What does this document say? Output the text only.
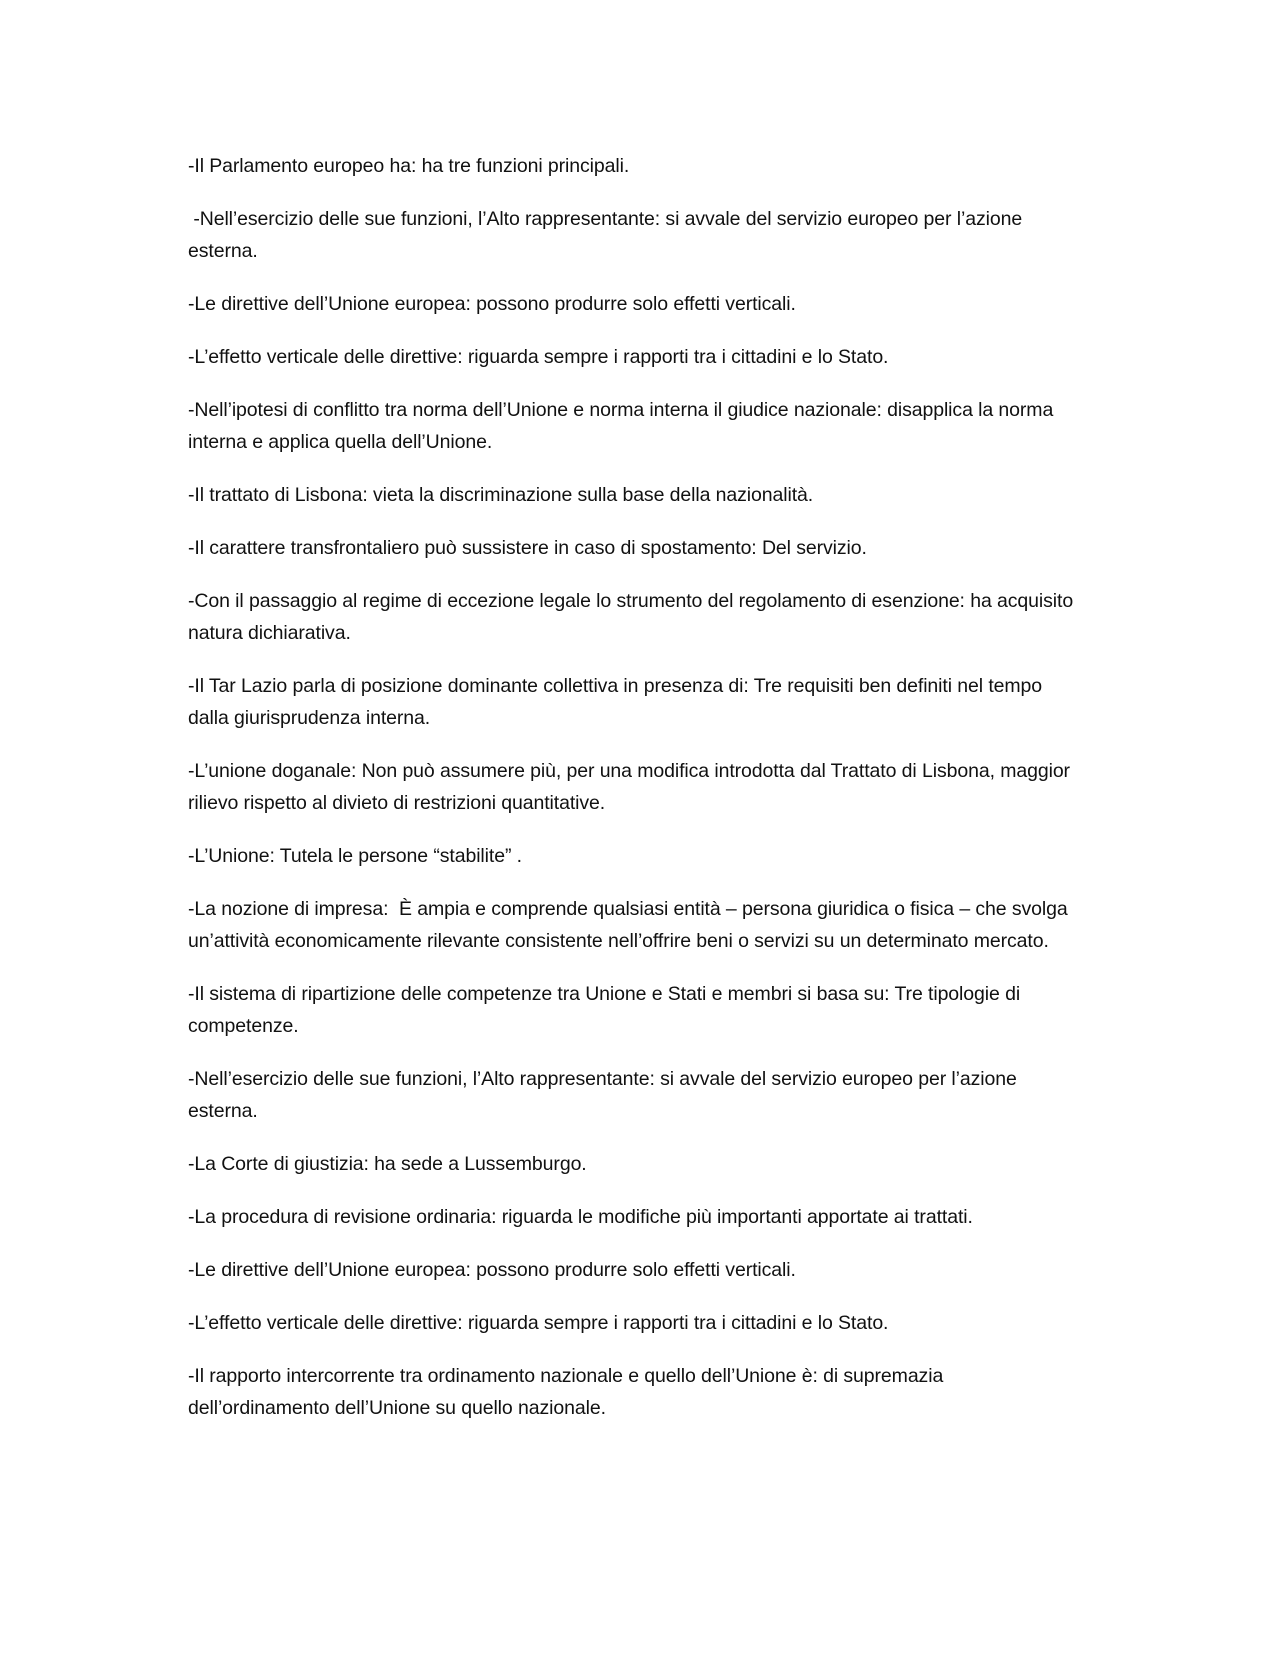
-Il Parlamento europeo ha: ha tre funzioni principali.

-Nell’esercizio delle sue funzioni, l’Alto rappresentante: si avvale del servizio europeo per l’azione esterna.

-Le direttive dell’Unione europea: possono produrre solo effetti verticali.

-L’effetto verticale delle direttive: riguarda sempre i rapporti tra i cittadini e lo Stato.

-Nell’ipotesi di conflitto tra norma dell’Unione e norma interna il giudice nazionale: disapplica la norma interna e applica quella dell’Unione.

-Il trattato di Lisbona: vieta la discriminazione sulla base della nazionalità.

-Il carattere transfrontaliero può sussistere in caso di spostamento: Del servizio.

-Con il passaggio al regime di eccezione legale lo strumento del regolamento di esenzione: ha acquisito natura dichiarativa.

-Il Tar Lazio parla di posizione dominante collettiva in presenza di: Tre requisiti ben definiti nel tempo dalla giurisprudenza interna.

-L’unione doganale: Non può assumere più, per una modifica introdotta dal Trattato di Lisbona, maggior rilievo rispetto al divieto di restrizioni quantitative.

-L’Unione: Tutela le persone “stabilite” .

-La nozione di impresa:  È ampia e comprende qualsiasi entità – persona giuridica o fisica – che svolga un’attività economicamente rilevante consistente nell’offrire beni o servizi su un determinato mercato.

-Il sistema di ripartizione delle competenze tra Unione e Stati e membri si basa su: Tre tipologie di competenze.

-Nell’esercizio delle sue funzioni, l’Alto rappresentante: si avvale del servizio europeo per l’azione esterna.

-La Corte di giustizia: ha sede a Lussemburgo.

-La procedura di revisione ordinaria: riguarda le modifiche più importanti apportate ai trattati.

-Le direttive dell’Unione europea: possono produrre solo effetti verticali.

-L’effetto verticale delle direttive: riguarda sempre i rapporti tra i cittadini e lo Stato.

-Il rapporto intercorrente tra ordinamento nazionale e quello dell’Unione è: di supremazia dell’ordinamento dell’Unione su quello nazionale.
